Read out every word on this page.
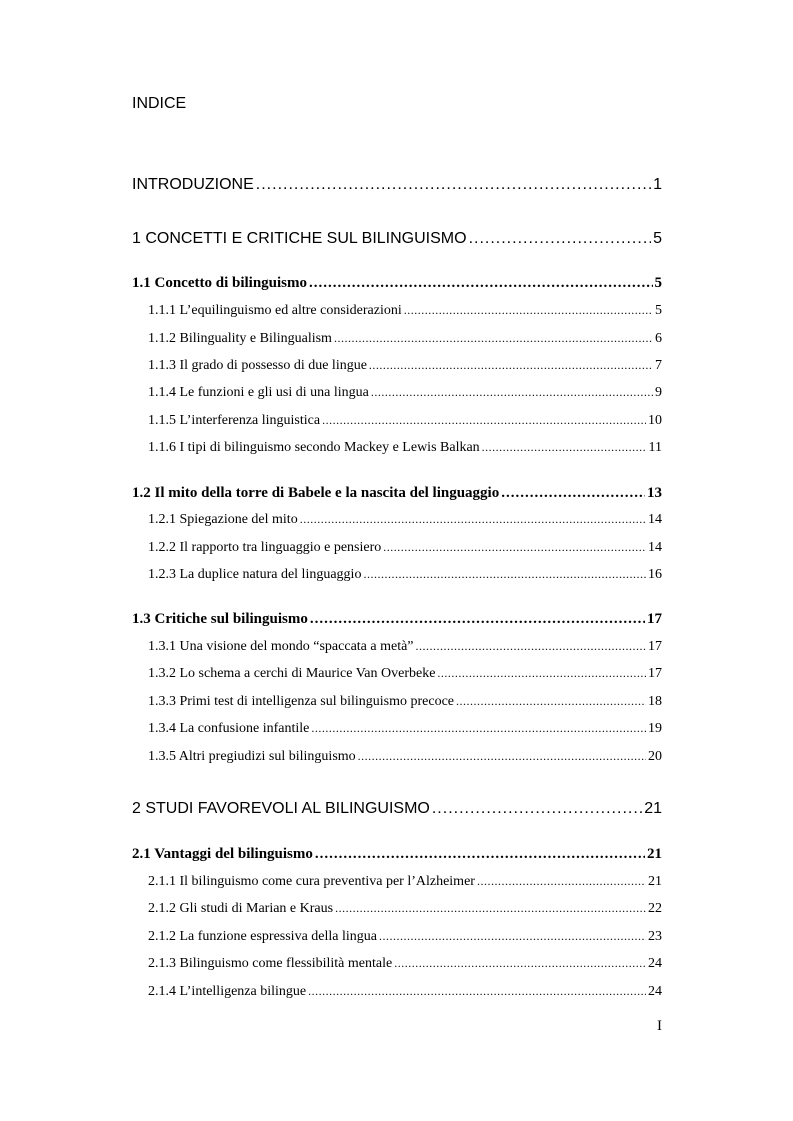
INDICE
INTRODUZIONE .....	1
1 CONCETTI E CRITICHE SUL BILINGUISMO .....	5
1.1 Concetto di bilinguismo .....	5
1.1.1 L’equilinguismo ed altre considerazioni .....	5
1.1.2 Bilinguality e Bilingualism .....	6
1.1.3 Il grado di possesso di due lingue .....	7
1.1.4 Le funzioni e gli usi di una lingua .....	9
1.1.5 L’interferenza linguistica .....	10
1.1.6 I tipi di bilinguismo secondo Mackey e Lewis Balkan .....	11
1.2 Il mito della torre di Babele e la nascita del linguaggio .....	13
1.2.1 Spiegazione del mito .....	14
1.2.2 Il rapporto tra linguaggio e pensiero .....	14
1.2.3 La duplice natura del linguaggio .....	16
1.3 Critiche sul bilinguismo .....	17
1.3.1 Una visione del mondo “spaccata a metà” .....	17
1.3.2 Lo schema a cerchi di Maurice Van Overbeke .....	17
1.3.3 Primi test di intelligenza sul bilinguismo precoce .....	18
1.3.4 La confusione infantile .....	19
1.3.5 Altri pregiudizi sul bilinguismo .....	20
2 STUDI FAVOREVOLI AL BILINGUISMO .....	21
2.1 Vantaggi del bilinguismo .....	21
2.1.1 Il bilinguismo come cura preventiva per l’Alzheimer .....	21
2.1.2 Gli studi di Marian e Kraus .....	22
2.1.2 La funzione espressiva della lingua .....	23
2.1.3 Bilinguismo come flessibilità mentale .....	24
2.1.4 L’intelligenza bilingue .....	24
I
